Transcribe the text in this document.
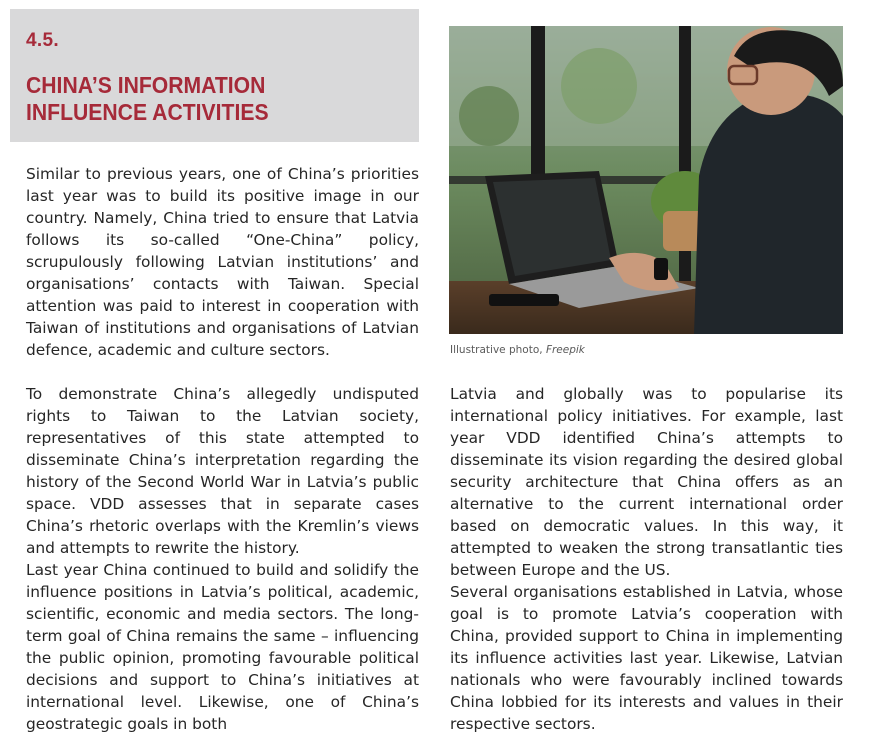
4.5.
CHINA’S INFORMATION
INFLUENCE ACTIVITIES
Similar to previous years, one of China’s priorities last year was to build its positive image in our country. Namely, China tried to ensure that Latvia follows its so-called “One-China” policy, scrupulously following Latvian institutions’ and organisations’ contacts with Taiwan. Special attention was paid to interest in cooperation with Taiwan of institutions and organisations of Latvian defence, academic and culture sectors.
To demonstrate China’s allegedly undisputed rights to Taiwan to the Latvian society, representatives of this state attempted to disseminate China’s interpretation regarding the history of the Second World War in Latvia’s public space. VDD assesses that in separate cases China’s rhetoric overlaps with the Kremlin’s views and attempts to rewrite the history.
Last year China continued to build and solidify the influence positions in Latvia’s political, academic, scientific, economic and media sectors. The long-term goal of China remains the same – influencing the public opinion, promoting favourable political decisions and support to China’s initiatives at international level. Likewise, one of China’s geostrategic goals in both
Latvia and globally was to popularise its international policy initiatives. For example, last year VDD identified China’s attempts to disseminate its vision regarding the desired global security architecture that China offers as an alternative to the current international order based on democratic values. In this way, it attempted to weaken the strong transatlantic ties between Europe and the US.
Several organisations established in Latvia, whose goal is to promote Latvia’s cooperation with China, provided support to China in implementing its influence activities last year. Likewise, Latvian nationals who were favourably inclined towards China lobbied for its interests and values in their respective sectors.
Illustrative photo, Freepik
